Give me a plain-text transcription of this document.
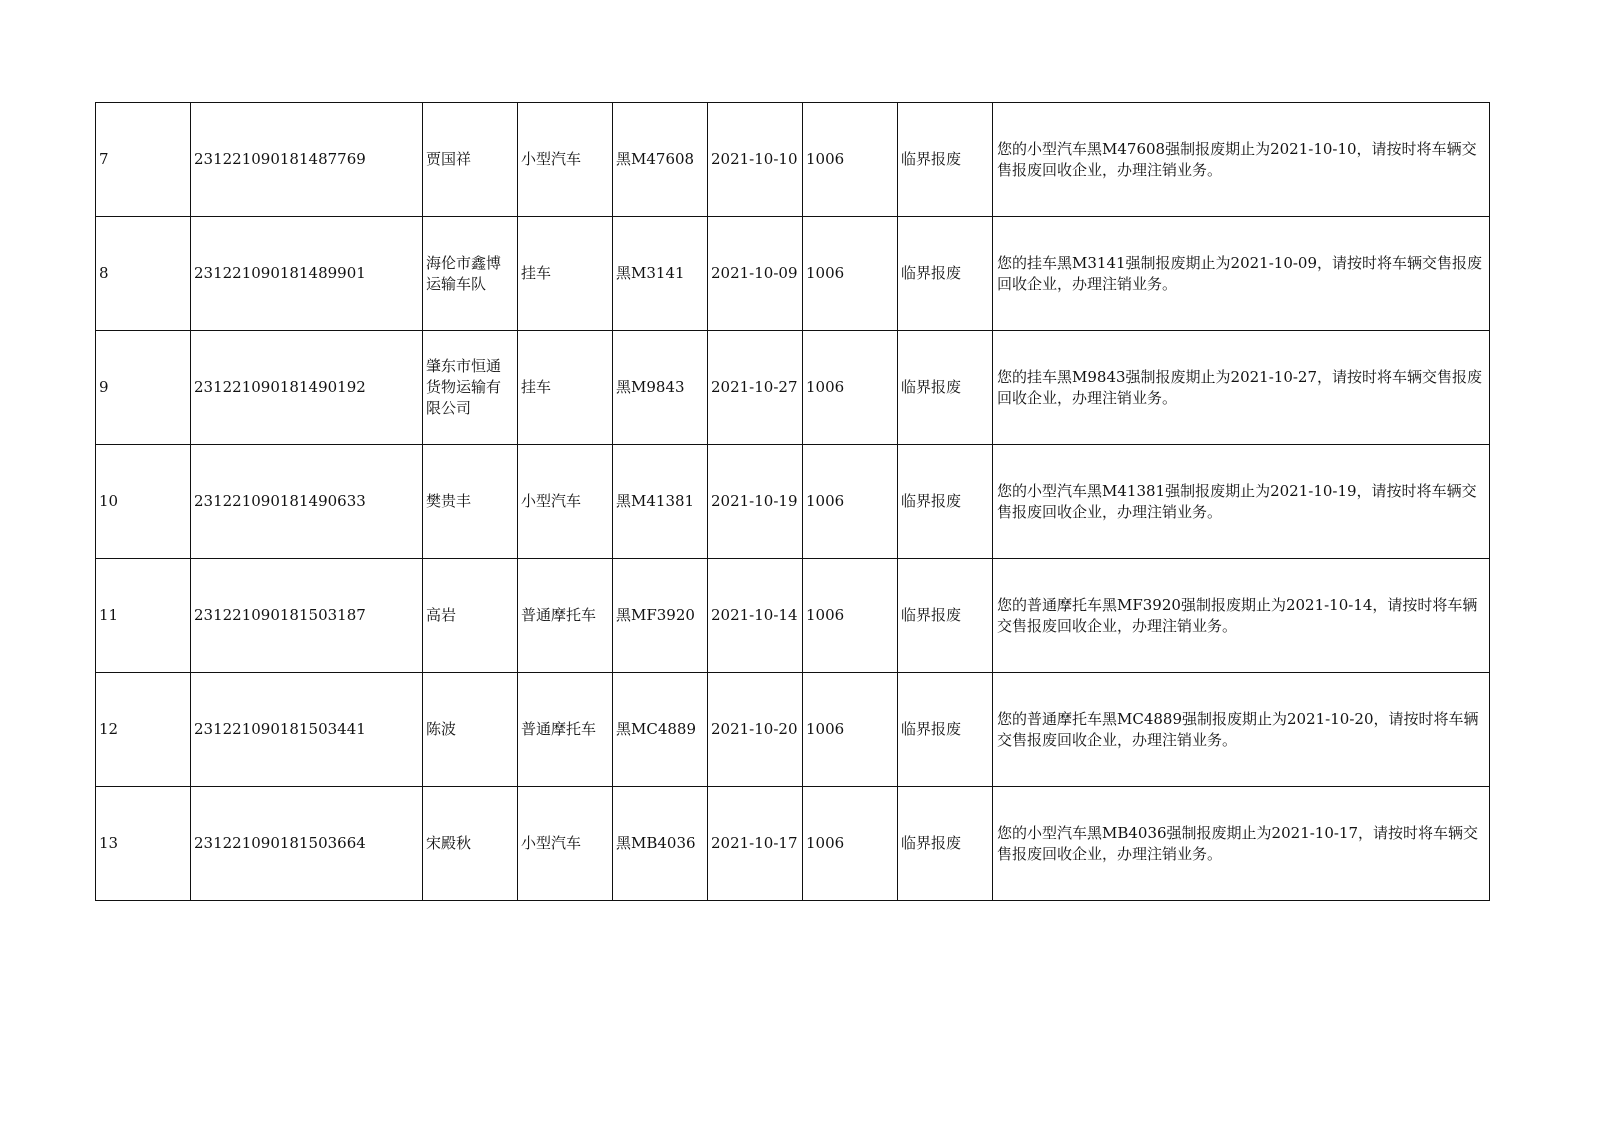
7	231221090181487769	贾国祥	小型汽车	黑M47608	2021-10-10	1006	临界报废	您的小型汽车黑M47608强制报废期止为2021-10-10，请按时将车辆交售报废回收企业，办理注销业务。
8	231221090181489901	海伦市鑫博运输车队	挂车	黑M3141	2021-10-09	1006	临界报废	您的挂车黑M3141强制报废期止为2021-10-09，请按时将车辆交售报废回收企业，办理注销业务。
9	231221090181490192	肇东市恒通货物运输有限公司	挂车	黑M9843	2021-10-27	1006	临界报废	您的挂车黑M9843强制报废期止为2021-10-27，请按时将车辆交售报废回收企业，办理注销业务。
10	231221090181490633	樊贵丰	小型汽车	黑M41381	2021-10-19	1006	临界报废	您的小型汽车黑M41381强制报废期止为2021-10-19，请按时将车辆交售报废回收企业，办理注销业务。
11	231221090181503187	高岩	普通摩托车	黑MF3920	2021-10-14	1006	临界报废	您的普通摩托车黑MF3920强制报废期止为2021-10-14，请按时将车辆交售报废回收企业，办理注销业务。
12	231221090181503441	陈波	普通摩托车	黑MC4889	2021-10-20	1006	临界报废	您的普通摩托车黑MC4889强制报废期止为2021-10-20，请按时将车辆交售报废回收企业，办理注销业务。
13	231221090181503664	宋殿秋	小型汽车	黑MB4036	2021-10-17	1006	临界报废	您的小型汽车黑MB4036强制报废期止为2021-10-17，请按时将车辆交售报废回收企业，办理注销业务。
